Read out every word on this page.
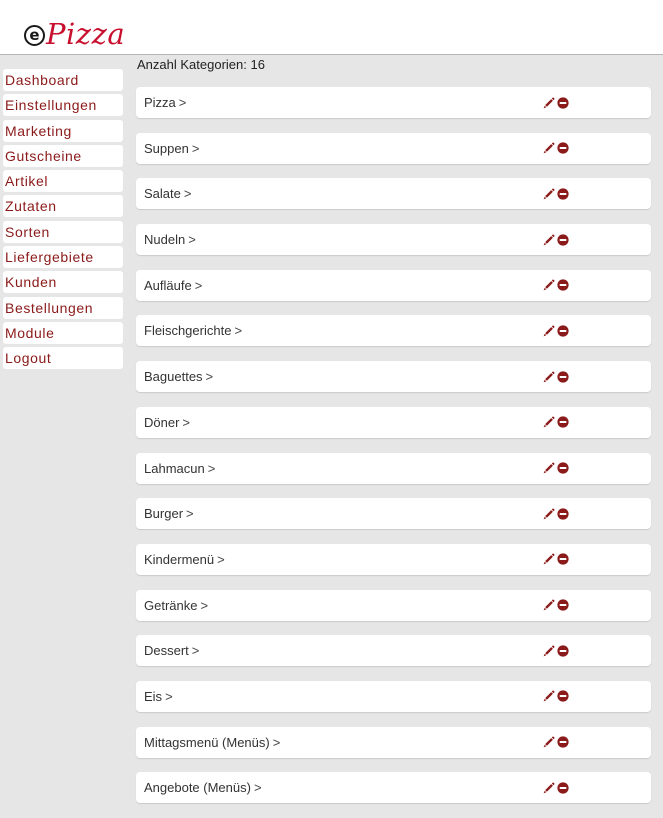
e Pizza
Dashboard
Einstellungen
Marketing
Gutscheine
Artikel
Zutaten
Sorten
Liefergebiete
Kunden
Bestellungen
Module
Logout
Anzahl Kategorien: 16
Pizza >
Suppen >
Salate >
Nudeln >
Aufläufe >
Fleischgerichte >
Baguettes >
Döner >
Lahmacun >
Burger >
Kindermenü >
Getränke >
Dessert >
Eis >
Mittagsmenü (Menüs) >
Angebote (Menüs) >
